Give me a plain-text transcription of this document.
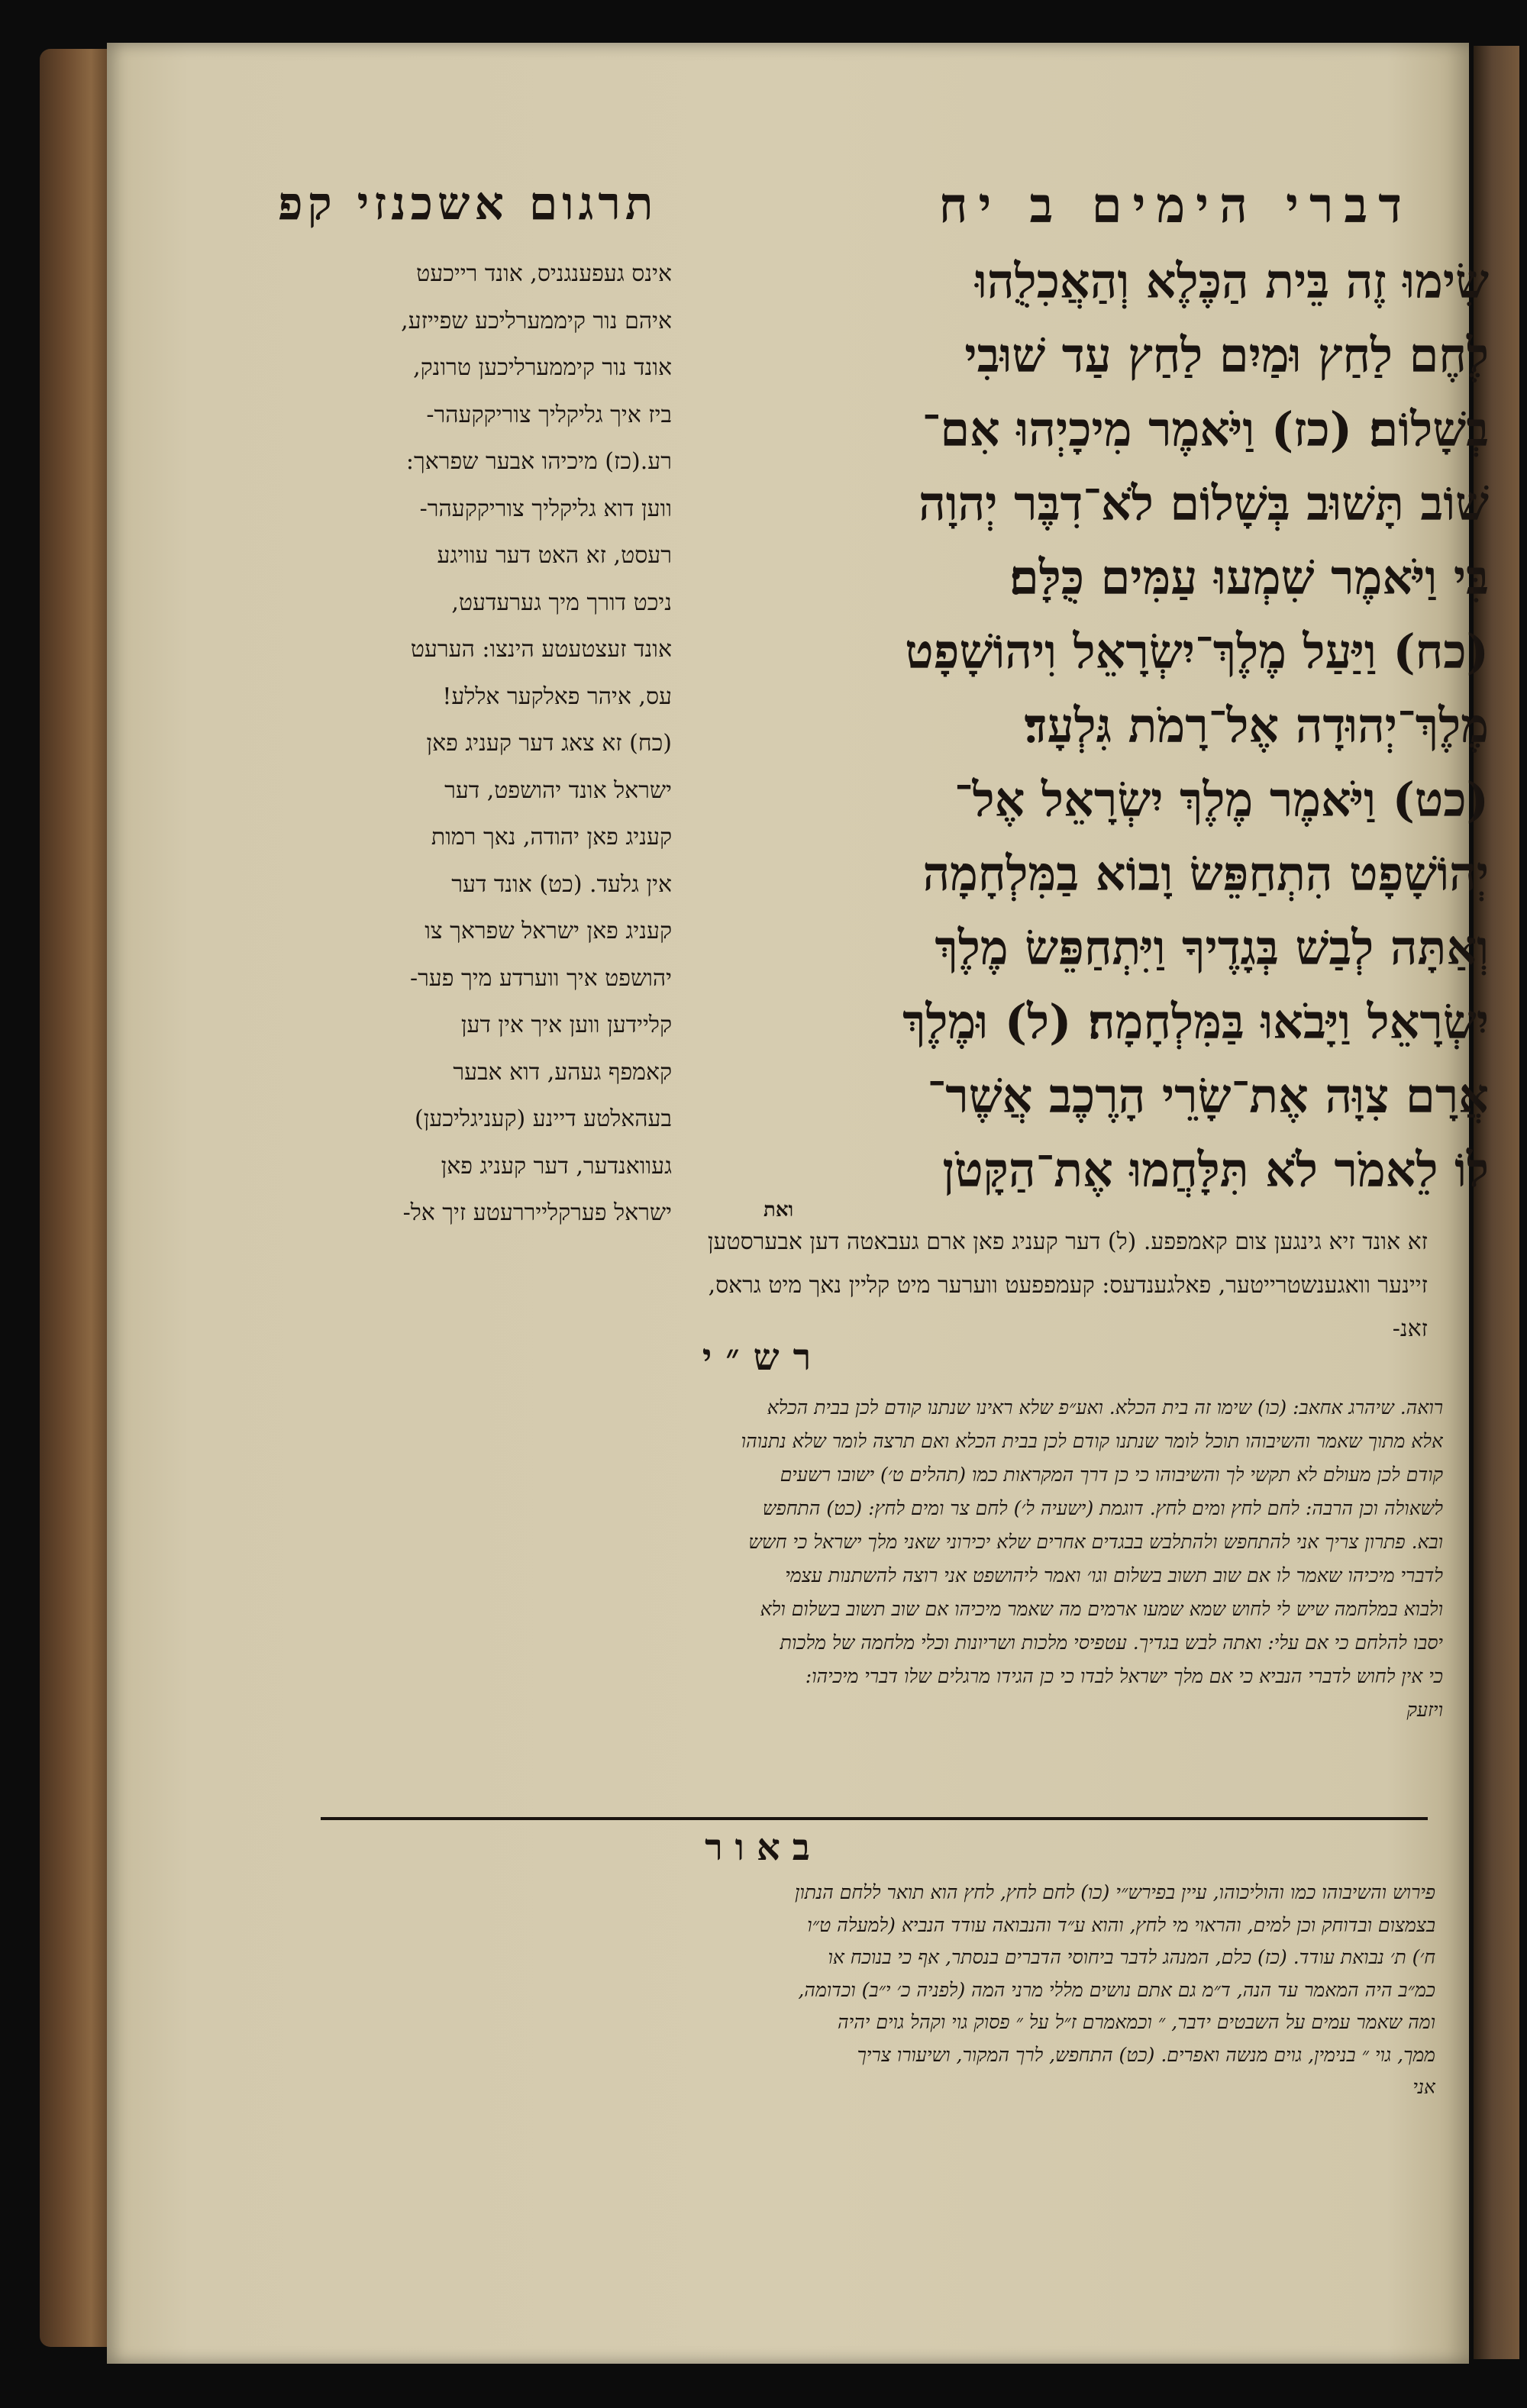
דברי הימים ב יח
תרגום אשכנזי קפ
שִׂימוּ זֶה בֵּית הַכֶּלֶא וְהַאֲכִלֻהוּ
לֶחֶם לַחַץ וּמַיִם לַחַץ עַד שׁוּבִי
בְשָׁלוֹם׃ (כז) וַיֹּאמֶר מִיכָיְהוּ אִם־
שׁוֹב תָּשׁוּב בְּשָׁלוֹם לֹא־דִבֶּר יְהוָה
בִּי וַיֹּאמֶר שִׁמְעוּ עַמִּים כֻּלָּם׃
(כח) וַיַּעַל מֶלֶךְ־יִשְׂרָאֵל וִיהוֹשָׁפָט
מֶלֶךְ־יְהוּדָה אֶל־רָמֹת גִּלְעָד׃
(כט) וַיֹּאמֶר מֶלֶךְ יִשְׂרָאֵל אֶל־
יְהוֹשָׁפָט הִתְחַפֵּשׂ וָבוֹא בַמִּלְחָמָה
וְאַתָּה לְבַשׁ בְּגָדֶיךָ וַיִּתְחַפֵּשׂ מֶלֶךְ
יִשְׂרָאֵל וַיָּבֹאוּ בַּמִּלְחָמָה׃ (ל) וּמֶלֶךְ
אֲרָם צִוָּה אֶת־שָׂרֵי הָרֶכֶב אֲשֶׁר־
לוֹ לֵאמֹר לֹא תִּלָּחֲמוּ אֶת־הַקָּטֹן
ואת
אינס געפענגניס, אונד רייכעט
איהם נור קיממערליכע שפייזע,
אונד נור קיממערליכען טרונק,
ביז איך גליקליך צוריקקעהר-
רע.(כז) מיכיהו אבער שפראך:
ווען דוא גליקליך צוריקקעהר-
רעסט, זא האט דער עוויגע
ניכט דורך מיך גערעדעט,
אונד זעצטעטע הינצו: הערעט
עס, איהר פאלקער אללע!
(כח) זא צאג דער קעניג פאן
ישראל אונד יהושפט, דער
קעניג פאן יהודה, נאך רמות
אין גלעד. (כט) אונד דער
קעניג פאן ישראל שפראך צו
יהושפט איך ווערדע מיך פער-
קליידען ווען איך אין דען
קאמפף געהע, דוא אבער
בעהאלטע דיינע (קעניגליכען)
געוואנדער, דער קעניג פאן
ישראל פערקלייררעטע זיך אל-
זא אונד זיא גינגען צום קאמפפע. (ל) דער קעניג פאן ארם געבאטה דען אבערסטען
זיינער וואגענשטרייטער, פאלגענדעס: קעמפפעט ווערער מיט קליין נאך מיט גראס,
זאנ-
רש״י
רואה. שיהרג אחאב: (כו) שימו זה בית הכלא. ואע״פ שלא ראינו שנתנו קודם לכן בבית הכלא
אלא מתוך שאמר והשיבוהו תוכל לומר שנתנו קודם לכן בבית הכלא ואם תרצה לומר שלא נתנוהו
קודם לכן מעולם לא תקשי לך והשיבוהו כי כן דרך המקראות כמו (תהלים ט׳) ישובו רשעים
לשאולה וכן הרבה: לחם לחץ ומים לחץ. דוגמת (ישעיה ל׳) לחם צר ומים לחץ: (כט) התחפש
ובא. פתרון צריך אני להתחפש ולהתלבש בבגדים אחרים שלא יכירוני שאני מלך ישראל כי חשש
לדברי מיכיהו שאמר לו אם שוב תשוב בשלום וגו׳ ואמר ליהושפט אני רוצה להשתנות עצמי
ולבוא במלחמה שיש לי לחוש שמא שמעו ארמים מה שאמר מיכיהו אם שוב תשוב בשלום ולא
יסבו להלחם כי אם עלי: ואתה לבש בגדיך. עטפיסי מלכות ושריונות וכלי מלחמה של מלכות
כי אין לחוש לדברי הנביא כי אם מלך ישראל לבדו כי כן הגידו מרגלים שלו דברי מיכיהו:
ויזעק
באור
פירוש והשיבוהו כמו והוליכוהו, עיין בפירש״י (כו) לחם לחץ, לחץ הוא תואר ללחם הנתון
בצמצום ובדוחק וכן למים, והראוי מי לחץ, והוא ע״ד והנבואה עודד הנביא (למעלה ט״ו
ח׳) ת׳ נבואת עודד. (כז) כלם, המנהג לדבר ביחוסי הדברים בנסתר, אף כי בנוכח או
כמ״ב היה המאמר עד הנה, ד״מ גם אתם נושים מללי מרני המה (לפניה כ׳ י״ב) וכדומה,
ומה שאמר עמים על השבטים ידבר, ״ וכמאמרם ז״ל על ״ פסוק גוי וקהל גוים יהיה
ממך, גוי ״ בנימין, גוים מנשה ואפרים. (כט) התחפש, לרך המקור, ושיעורו צריך
אני
